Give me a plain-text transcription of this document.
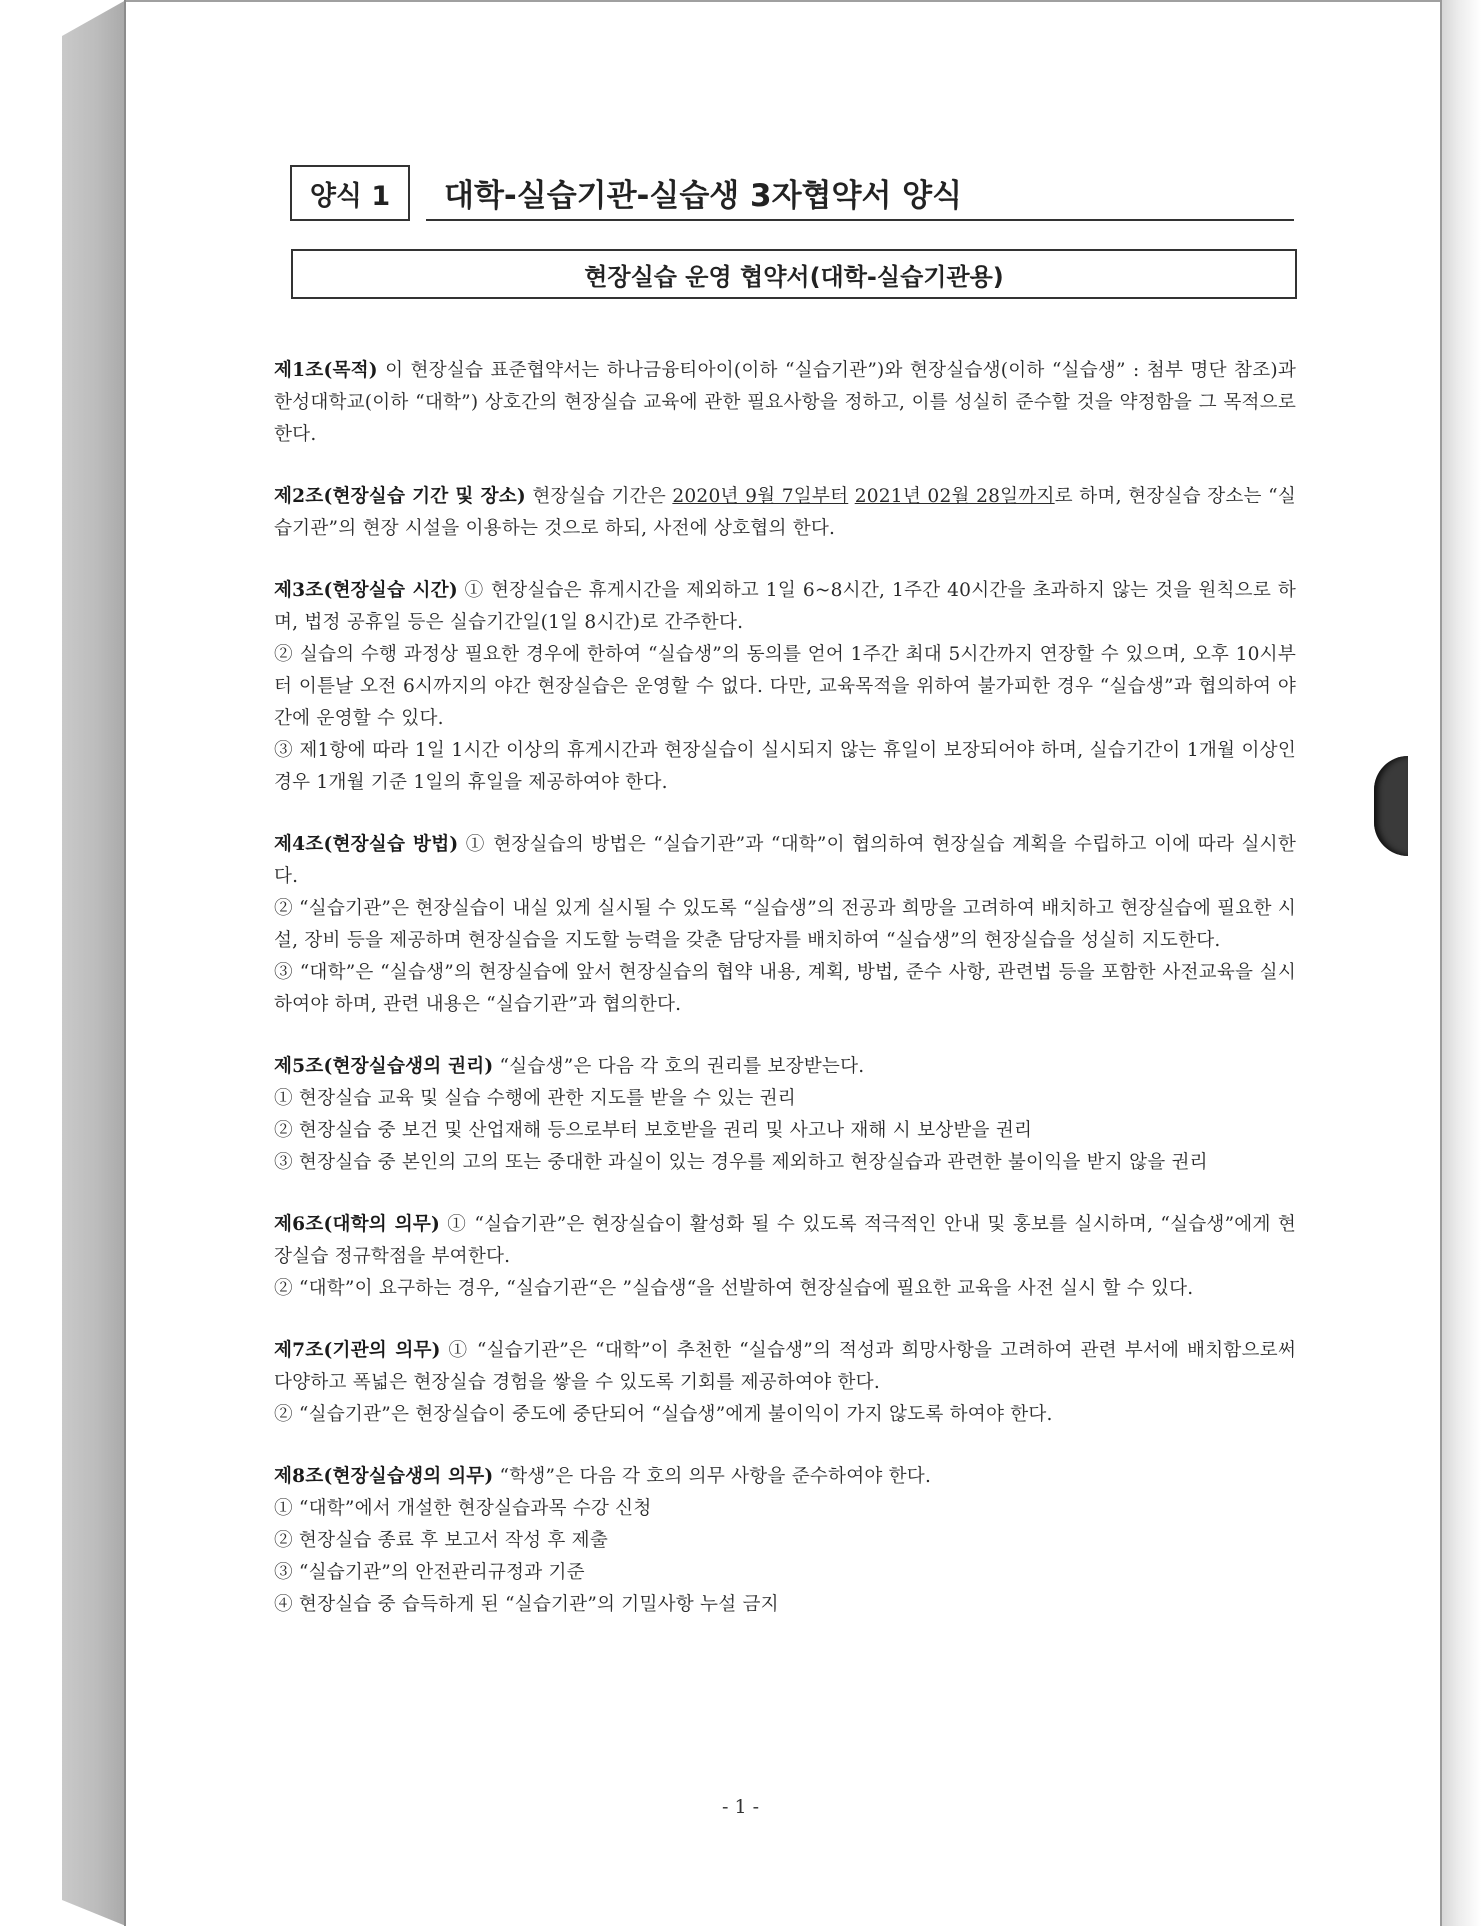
양식 1	대학-실습기관-실습생 3자협약서 양식
현장실습 운영 협약서(대학-실습기관용)

제1조(목적) 이 현장실습 표준협약서는 하나금융티아이(이하 “실습기관”)와 현장실습생(이하 “실습생” : 첨부 명단 참조)과 한성대학교(이하 “대학”) 상호간의 현장실습 교육에 관한 필요사항을 정하고, 이를 성실히 준수할 것을 약정함을 그 목적으로 한다.

제2조(현장실습 기간 및 장소) 현장실습 기간은 2020년 9월 7일부터 2021년 02월 28일까지로 하며, 현장실습 장소는 “실습기관”의 현장 시설을 이용하는 것으로 하되, 사전에 상호협의 한다.

제3조(현장실습 시간) ① 현장실습은 휴게시간을 제외하고 1일 6~8시간, 1주간 40시간을 초과하지 않는 것을 원칙으로 하며, 법정 공휴일 등은 실습기간일(1일 8시간)로 간주한다.

② 실습의 수행 과정상 필요한 경우에 한하여 “실습생”의 동의를 얻어 1주간 최대 5시간까지 연장할 수 있으며, 오후 10시부터 이튿날 오전 6시까지의 야간 현장실습은 운영할 수 없다. 다만, 교육목적을 위하여 불가피한 경우 “실습생”과 협의하여 야간에 운영할 수 있다.

③ 제1항에 따라 1일 1시간 이상의 휴게시간과 현장실습이 실시되지 않는 휴일이 보장되어야 하며, 실습기간이 1개월 이상인 경우 1개월 기준 1일의 휴일을 제공하여야 한다.

제4조(현장실습 방법) ① 현장실습의 방법은 “실습기관”과 “대학”이 협의하여 현장실습 계획을 수립하고 이에 따라 실시한다.

② “실습기관”은 현장실습이 내실 있게 실시될 수 있도록 “실습생”의 전공과 희망을 고려하여 배치하고 현장실습에 필요한 시설, 장비 등을 제공하며 현장실습을 지도할 능력을 갖춘 담당자를 배치하여 “실습생”의 현장실습을 성실히 지도한다.

③ “대학”은 “실습생”의 현장실습에 앞서 현장실습의 협약 내용, 계획, 방법, 준수 사항, 관련법 등을 포함한 사전교육을 실시하여야 하며, 관련 내용은 “실습기관”과 협의한다.

제5조(현장실습생의 권리) “실습생”은 다음 각 호의 권리를 보장받는다.

① 현장실습 교육 및 실습 수행에 관한 지도를 받을 수 있는 권리

② 현장실습 중 보건 및 산업재해 등으로부터 보호받을 권리 및 사고나 재해 시 보상받을 권리

③ 현장실습 중 본인의 고의 또는 중대한 과실이 있는 경우를 제외하고 현장실습과 관련한 불이익을 받지 않을 권리

제6조(대학의 의무) ① “실습기관”은 현장실습이 활성화 될 수 있도록 적극적인 안내 및 홍보를 실시하며, “실습생”에게 현장실습 정규학점을 부여한다.

② “대학”이 요구하는 경우, “실습기관“은 ”실습생“을 선발하여 현장실습에 필요한 교육을 사전 실시 할 수 있다.

제7조(기관의 의무) ① “실습기관”은 “대학”이 추천한 “실습생”의 적성과 희망사항을 고려하여 관련 부서에 배치함으로써 다양하고 폭넓은 현장실습 경험을 쌓을 수 있도록 기회를 제공하여야 한다.

② “실습기관”은 현장실습이 중도에 중단되어 “실습생”에게 불이익이 가지 않도록 하여야 한다.

제8조(현장실습생의 의무) “학생”은 다음 각 호의 의무 사항을 준수하여야 한다.

① “대학”에서 개설한 현장실습과목 수강 신청

② 현장실습 종료 후 보고서 작성 후 제출

③ “실습기관”의 안전관리규정과 기준

④ 현장실습 중 습득하게 된 “실습기관”의 기밀사항 누설 금지

- 1 -
